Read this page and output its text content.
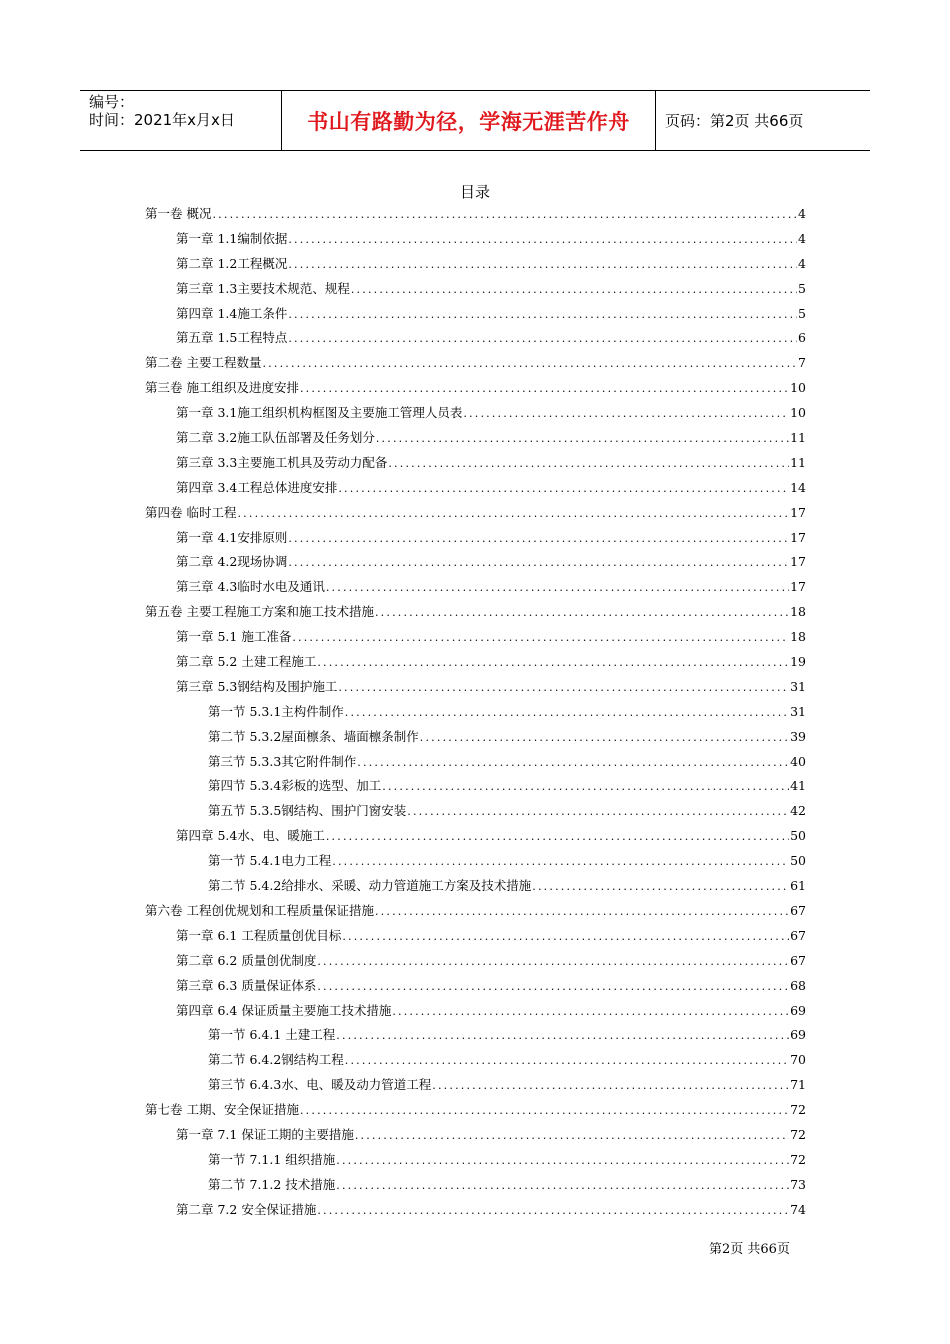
编号：
时间：2021年x月x日	书山有路勤为径，学海无涯苦作舟	页码：第2页 共66页
目录
第一卷 概况 .....	4
第一章 1.1编制依据 .....	4
第二章 1.2工程概况 .....	4
第三章 1.3主要技术规范、规程 .....	5
第四章 1.4施工条件 .....	5
第五章 1.5工程特点 .....	6
第二卷 主要工程数量 .....	7
第三卷 施工组织及进度安排 .....	10
第一章 3.1施工组织机构框图及主要施工管理人员表 .....	10
第二章 3.2施工队伍部署及任务划分 .....	11
第三章 3.3主要施工机具及劳动力配备 .....	11
第四章 3.4工程总体进度安排 .....	14
第四卷 临时工程 .....	17
第一章 4.1安排原则 .....	17
第二章 4.2现场协调 .....	17
第三章 4.3临时水电及通讯 .....	17
第五卷 主要工程施工方案和施工技术措施 .....	18
第一章 5.1 施工准备 .....	18
第二章 5.2 土建工程施工 .....	19
第三章 5.3钢结构及围护施工 .....	31
第一节 5.3.1主构件制作 .....	31
第二节 5.3.2屋面檩条、墙面檩条制作 .....	39
第三节 5.3.3其它附件制作 .....	40
第四节 5.3.4彩板的选型、加工 .....	41
第五节 5.3.5钢结构、围护门窗安装 .....	42
第四章 5.4水、电、暖施工 .....	50
第一节 5.4.1电力工程 .....	50
第二节 5.4.2给排水、采暖、动力管道施工方案及技术措施 .....	61
第六卷 工程创优规划和工程质量保证措施 .....	67
第一章 6.1 工程质量创优目标 .....	67
第二章 6.2 质量创优制度 .....	67
第三章 6.3 质量保证体系 .....	68
第四章 6.4 保证质量主要施工技术措施 .....	69
第一节 6.4.1 土建工程 .....	69
第二节 6.4.2钢结构工程 .....	70
第三节 6.4.3水、电、暖及动力管道工程 .....	71
第七卷 工期、安全保证措施 .....	72
第一章 7.1 保证工期的主要措施 .....	72
第一节 7.1.1 组织措施 .....	72
第二节 7.1.2 技术措施 .....	73
第二章 7.2 安全保证措施 .....	74
第2页 共66页
